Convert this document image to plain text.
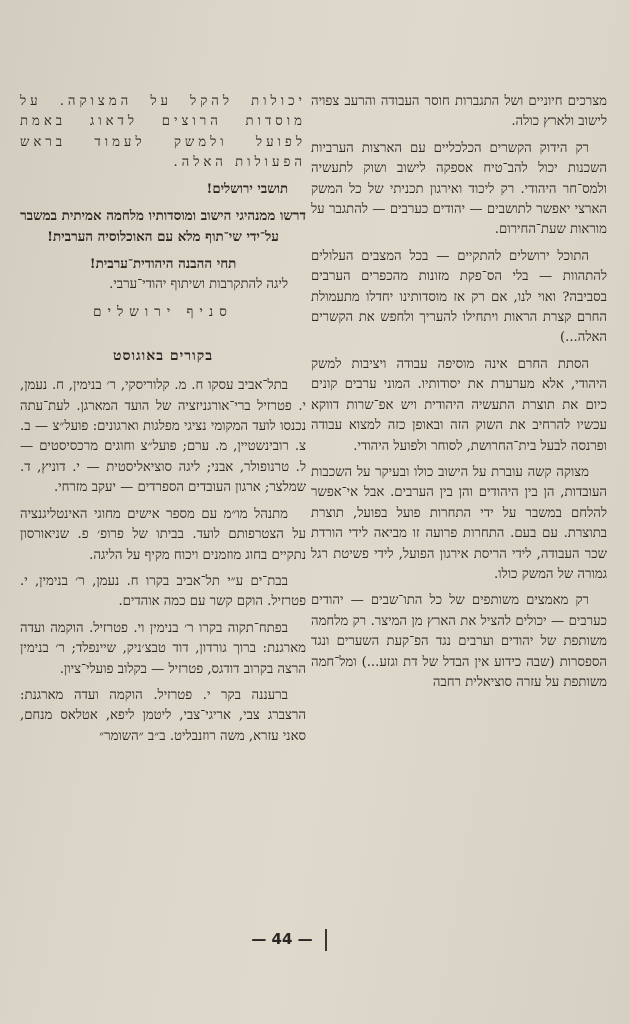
מצרכים חיוניים ושל התגברות חוסר העבודה והרעב צפויה לישוב ולארץ כולה.

רק הידוק הקשרים הכלכליים עם הארצות הערביות השכנות יכול להב־טיח אספקה לישוב ושוק לתעשיה ולמס־חר היהודי. רק ליכוד ואירגון תכניתי של כל המשק הארצי יאפשר לתושבים — יהודים כערבים — להתגבר על מוראות שעת־החירום.

התוכל ירושלים להתקיים — בכל המצבים העלולים להתהוות — בלי הס־פקת מזונות מהכפרים הערבים בסביבה? ואוי לנו, אם רק אז מוסדותינו יחדלו מתעמולת החרם קצרת הראות ויתחילו להעריך ולחפש את הקשרים האלה...)

הסתת החרם אינה מוסיפה עבודה ויציבות למשק היהודי, אלא מערערת את יסודותיו. המוני ערבים קונים כיום את תוצרת התעשיה היהודית ויש אפ־שרות דווקא עכשיו להרחיב את השוק הזה ובאופן כזה למצוא עבודה ופרנסה לבעל בית־החרושת, לסוחר ולפועל היהודי.

מצוקה קשה עוברת על הישוב כולו ובעיקר על השכבות העובדות, הן בין היהודים והן בין הערבים. אבל אי־אפשר להלחם במשבר על ידי התחרות פועל בפועל, תוצרת בתוצרת. עם בעם. התחרות פרועה זו מביאה לידי הורדת שכר העבודה, לידי הריסת אירגון הפועל, לידי פשיטת רגל גמורה של המשק כולו.

רק מאמצים משותפים של כל התו־שבים — יהודים כערבים — יכולים להציל את הארץ מן המיצר. רק מלחמה משותפת של יהודים וערבים נגד הפ־קעת השערים ונגד הספסרות (שבה כידוע אין הבדל של דת וגזע...) ומל־חמה משותפת על עזרה סוציאלית רחבה

יכולות להקל על המצוקה. על מוסדות הרוצים לדאוג באמת לפועל ולמשק לעמוד בראש הפעולות האלה.

תושבי ירושלים!

דרשו ממנהיגי הישוב ומוסדותיו מלחמה אמיתית במשבר על־ידי שי־תוף מלא עם האוכלוסיה הערבית!

תחי ההבנה היהודית־ערבית!

ליגה להתקרבות ושיתוף יהודי־ערבי.

סניף ירושלים

בקורים באוגוסט

בתל־אביב עסקו ח. מ. קלוריסקי, ר׳ בנימין, ח. נעמן, י. פטרזיל ברי־אורגניזציה של הועד המארגן. לעת־עתה נכנסו לועד המקומי נציגי מפלגות וארגונים: פועל״צ — ב. צ. רובינשטיין, מ. ערם; פועל״צ וחוגים מרכסיסטים — ל. טרנופולר, אבני; ליגה סוציאליסטית — י. דוניץ, ד. שמלצר; ארגון העובדים הספרדים — יעקב מזרחי.

מתנהל מו״מ עם מספר אישים מחוגי האינטליגנציה על הצטרפותם לועד. בביתו של פרופ׳ פ. שניאורסון נתקיים בחוג מוזמנים ויכוח מקיף על הליגה.

בבת־ים ע״י תל־אביב בקרו ח. נעמן, ר׳ בנימין, י. פטרזיל. הוקם קשר עם כמה אוהדים.

בפתח־תקוה בקרו ר׳ בנימין וי. פטרזיל. הוקמה ועדה מארגנת: ברוך גורדון, דוד טבצ׳ניק, שיינפלד; ר׳ בנימין הרצה בקרוב דודגס, פטרזיל — בקלוב פועלי־ציון.

ברעננה בקר י. פטרזיל. הוקמה ועדה מארגנת: הרצברג צבי, אריגי־צבי, ליטמן ליפא, אטלאס מנחם, סאני עזרא, משה רוזנבליט. ב״ב ״השומר״

— 44 —
